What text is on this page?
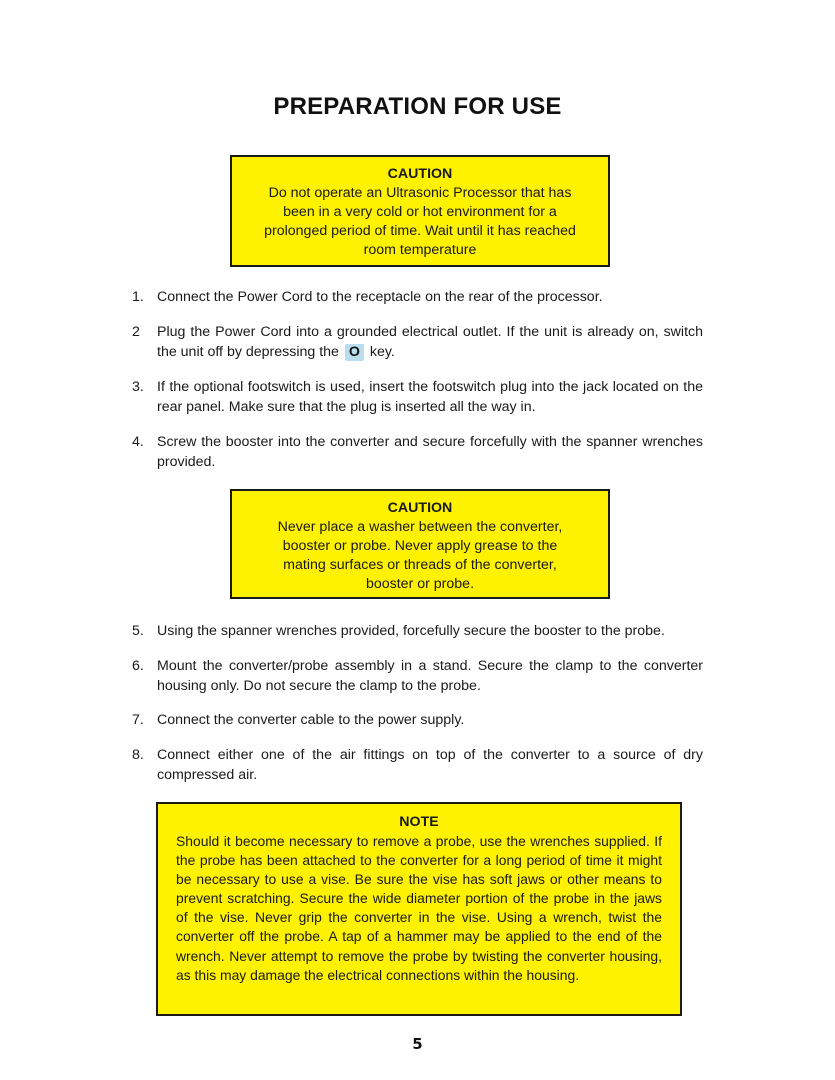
PREPARATION FOR USE
CAUTION
Do not operate an Ultrasonic Processor that has been in a very cold or hot environment for a prolonged period of time. Wait until it has reached room temperature
1. Connect the Power Cord to the receptacle on the rear of the processor.
2	Plug the Power Cord into a grounded electrical outlet. If the unit is already on, switch the unit off by depressing the O key.
3. If the optional footswitch is used, insert the footswitch plug into the jack located on the rear panel. Make sure that the plug is inserted all the way in.
4. Screw the booster into the converter and secure forcefully with the spanner wrenches provided.
CAUTION
Never place a washer between the converter, booster or probe. Never apply grease to the mating surfaces or threads of the converter, booster or probe.
5. Using the spanner wrenches provided, forcefully secure the booster to the probe.
6. Mount the converter/probe assembly in a stand. Secure the clamp to the converter housing only. Do not secure the clamp to the probe.
7. Connect the converter cable to the power supply.
8. Connect either one of the air fittings on top of the converter to a source of dry compressed air.
NOTE
Should it become necessary to remove a probe, use the wrenches supplied. If the probe has been attached to the converter for a long period of time it might be necessary to use a vise. Be sure the vise has soft jaws or other means to prevent scratching. Secure the wide diameter portion of the probe in the jaws of the vise. Never grip the converter in the vise. Using a wrench, twist the converter off the probe. A tap of a hammer may be applied to the end of the wrench. Never attempt to remove the probe by twisting the converter housing, as this may damage the electrical connections within the housing.
5
